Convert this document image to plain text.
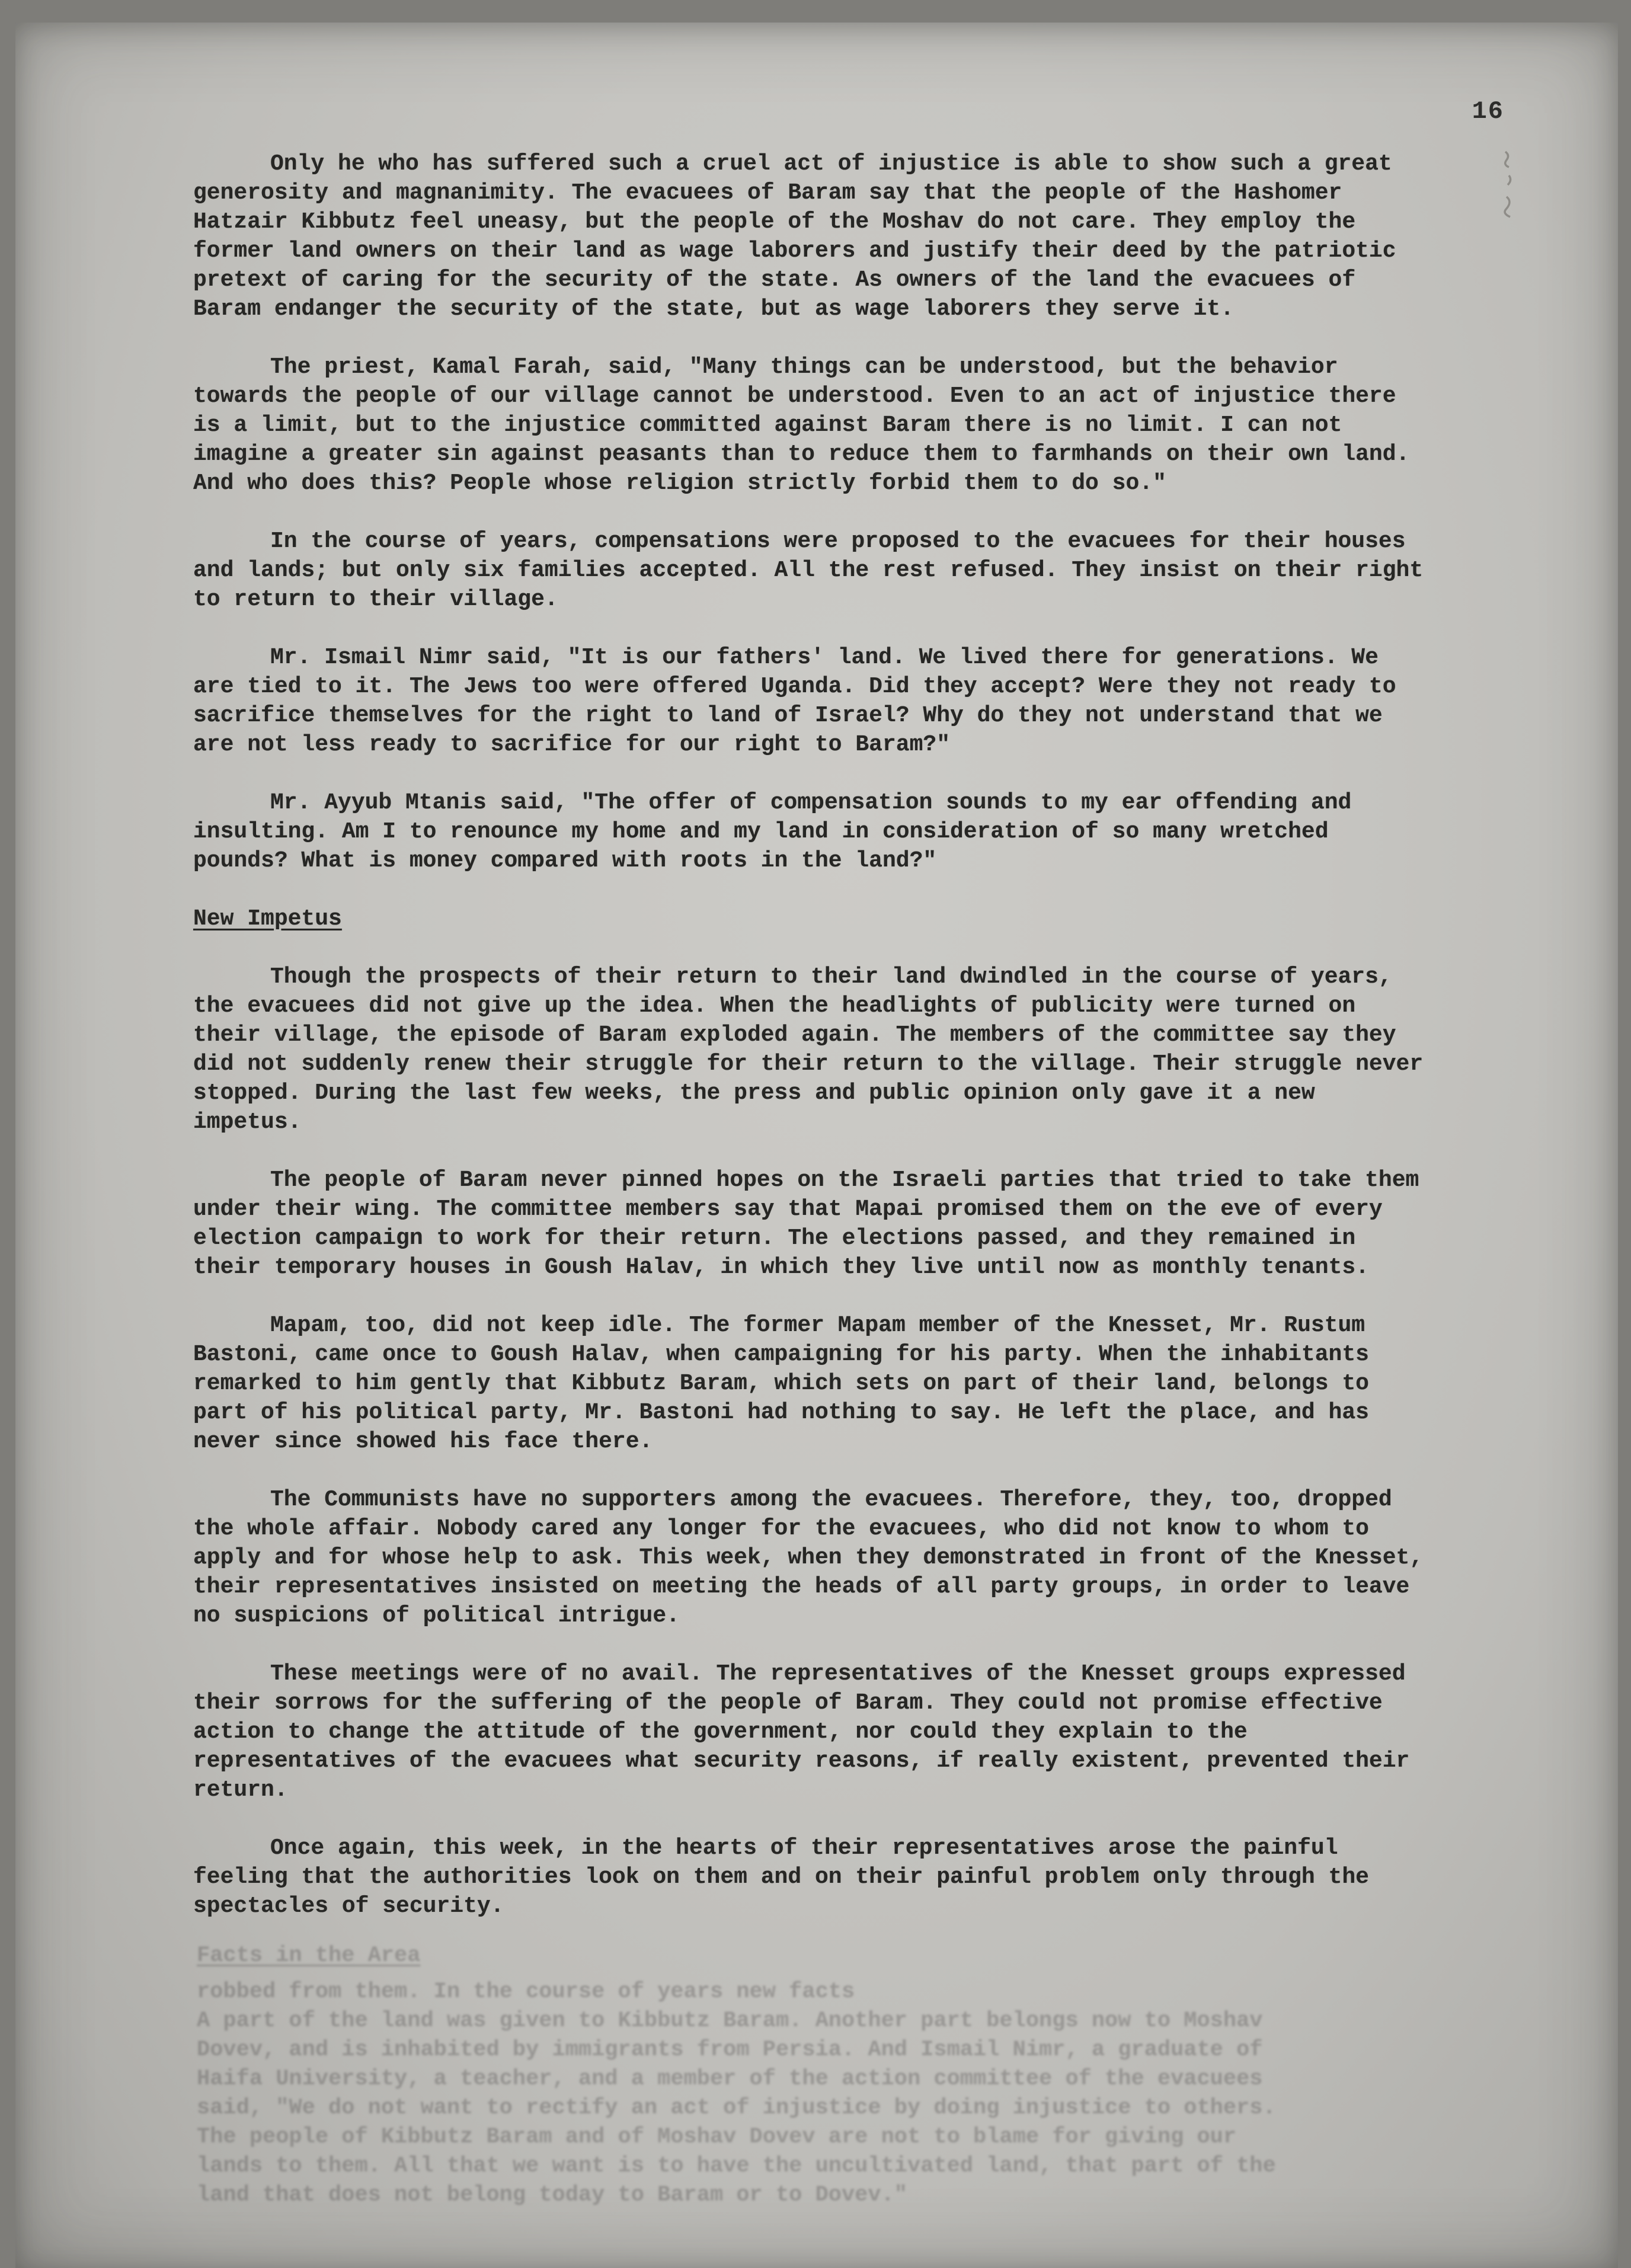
16
Facts in the Area
robbed from them. In the course of years new facts
A part of the land was given to Kibbutz Baram. Another part belongs now to Moshav
Dovev, and is inhabited by immigrants from Persia. And Ismail Nimr, a graduate of
Haifa University, a teacher, and a member of the action committee of the evacuees
said, "We do not want to rectify an act of injustice by doing injustice to others.
The people of Kibbutz Baram and of Moshav Dovev are not to blame for giving our
lands to them. All that we want is to have the uncultivated land, that part of the
land that does not belong today to Baram or to Dovev."

Only he who has suffered such a cruel act of injustice is able to show such a great generosity and magnanimity. The evacuees of Baram say that the people of the Hashomer Hatzair Kibbutz feel uneasy, but the people of the Moshav do not care. They employ the former land owners on their land as wage laborers and justify their deed by the patriotic pretext of caring for the security of the state. As owners of the land the evacuees of Baram endanger the security of the state, but as wage laborers they serve it.

The priest, Kamal Farah, said, "Many things can be understood, but the behavior towards the people of our village cannot be understood. Even to an act of injustice there is a limit, but to the injustice committed against Baram there is no limit. I can not imagine a greater sin against peasants than to reduce them to farmhands on their own land. And who does this? People whose religion strictly forbid them to do so."

In the course of years, compensations were proposed to the evacuees for their houses and lands; but only six families accepted. All the rest refused. They insist on their right to return to their village.

Mr. Ismail Nimr said, "It is our fathers' land. We lived there for generations. We are tied to it. The Jews too were offered Uganda. Did they accept? Were they not ready to sacrifice themselves for the right to land of Israel? Why do they not understand that we are not less ready to sacrifice for our right to Baram?"

Mr. Ayyub Mtanis said, "The offer of compensation sounds to my ear offending and insulting. Am I to renounce my home and my land in consideration of so many wretched pounds? What is money compared with roots in the land?"

New Impetus

Though the prospects of their return to their land dwindled in the course of years, the evacuees did not give up the idea. When the headlights of publicity were turned on their village, the episode of Baram exploded again. The members of the committee say they did not suddenly renew their struggle for their return to the village. Their struggle never stopped. During the last few weeks, the press and public opinion only gave it a new impetus.

The people of Baram never pinned hopes on the Israeli parties that tried to take them under their wing. The committee members say that Mapai promised them on the eve of every election campaign to work for their return. The elections passed, and they remained in their temporary houses in Goush Halav, in which they live until now as monthly tenants.

Mapam, too, did not keep idle. The former Mapam member of the Knesset, Mr. Rustum Bastoni, came once to Goush Halav, when campaigning for his party. When the inhabitants remarked to him gently that Kibbutz Baram, which sets on part of their land, belongs to part of his political party, Mr. Bastoni had nothing to say. He left the place, and has never since showed his face there.

The Communists have no supporters among the evacuees. Therefore, they, too, dropped the whole affair. Nobody cared any longer for the evacuees, who did not know to whom to apply and for whose help to ask. This week, when they demonstrated in front of the Knesset, their representatives insisted on meeting the heads of all party groups, in order to leave no suspicions of political intrigue.

These meetings were of no avail. The representatives of the Knesset groups expressed their sorrows for the suffering of the people of Baram. They could not promise effective action to change the attitude of the government, nor could they explain to the representatives of the evacuees what security reasons, if really existent, prevented their return.

Once again, this week, in the hearts of their representatives arose the painful feeling that the authorities look on them and on their painful problem only through the spectacles of security.
